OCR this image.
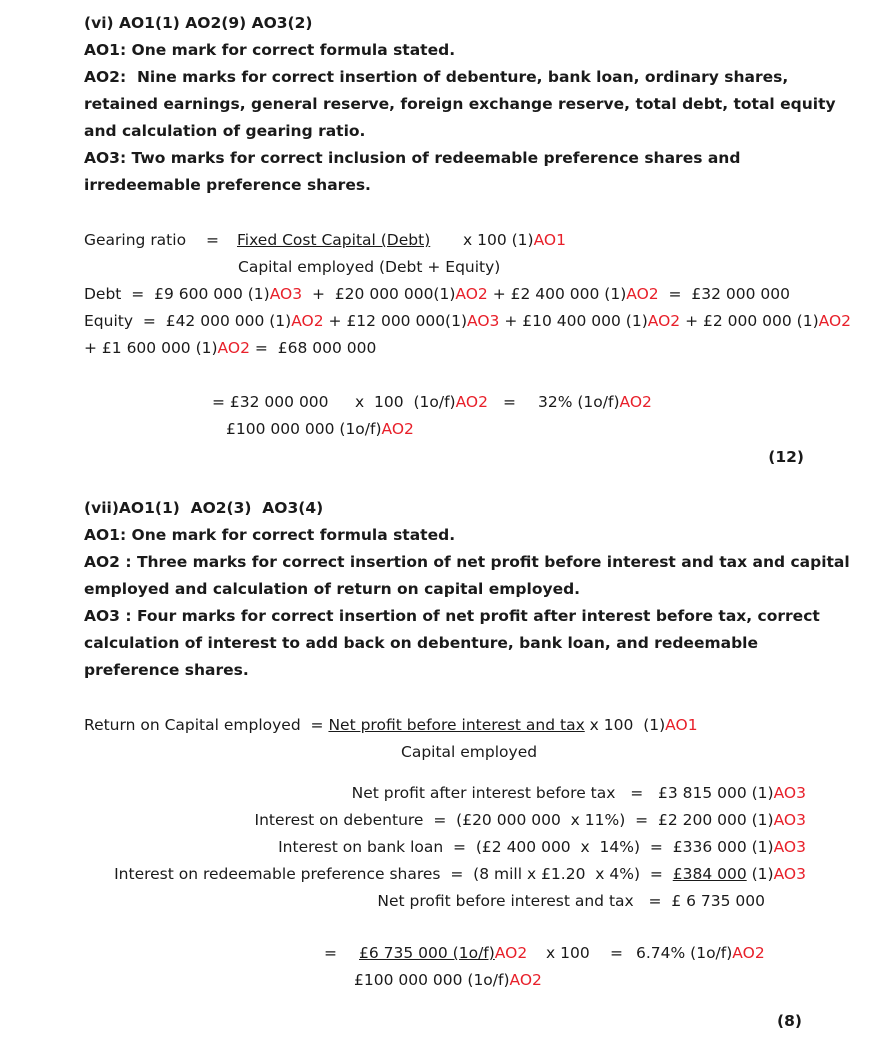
(vi) AO1(1) AO2(9) AO3(2)
AO1: One mark for correct formula stated.
AO2:  Nine marks for correct insertion of debenture, bank loan, ordinary shares,
retained earnings, general reserve, foreign exchange reserve, total debt, total equity
and calculation of gearing ratio.
AO3: Two marks for correct inclusion of redeemable preference shares and
irredeemable preference shares.
Gearing ratio = Fixed Cost Capital (Debt) x 100 (1)AO1
Capital employed (Debt + Equity)
Debt  =  £9 600 000 (1)AO3  +  £20 000 000(1)AO2 + £2 400 000 (1)AO2  =  £32 000 000
Equity  =  £42 000 000 (1)AO2 + £12 000 000(1)AO3 + £10 400 000 (1)AO2 + £2 000 000 (1)AO2
+ £1 600 000 (1)AO2 =  £68 000 000
= £32 000 000 x  100  (1o/f)AO2 = 32% (1o/f)AO2
£100 000 000 (1o/f)AO2
(12)
(vii)AO1(1)  AO2(3)  AO3(4)
AO1: One mark for correct formula stated.
AO2 : Three marks for correct insertion of net profit before interest and tax and capital
employed and calculation of return on capital employed.
AO3 : Four marks for correct insertion of net profit after interest before tax, correct
calculation of interest to add back on debenture, bank loan, and redeemable
preference shares.
Return on Capital employed  = Net profit before interest and tax x 100  (1)AO1
Capital employed
Net profit after interest before tax   =   £3 815 000 (1)AO3
Interest on debenture  =  (£20 000 000  x 11%)  =  £2 200 000 (1)AO3
Interest on bank loan  =  (£2 400 000  x  14%)  =  £336 000 (1)AO3
Interest on redeemable preference shares  =  (8 mill x £1.20  x 4%)  =  £384 000 (1)AO3
Net profit before interest and tax   =  £ 6 735 000
= £6 735 000 (1o/f)AO2 x 100 = 6.74% (1o/f)AO2
£100 000 000 (1o/f)AO2
(8)
